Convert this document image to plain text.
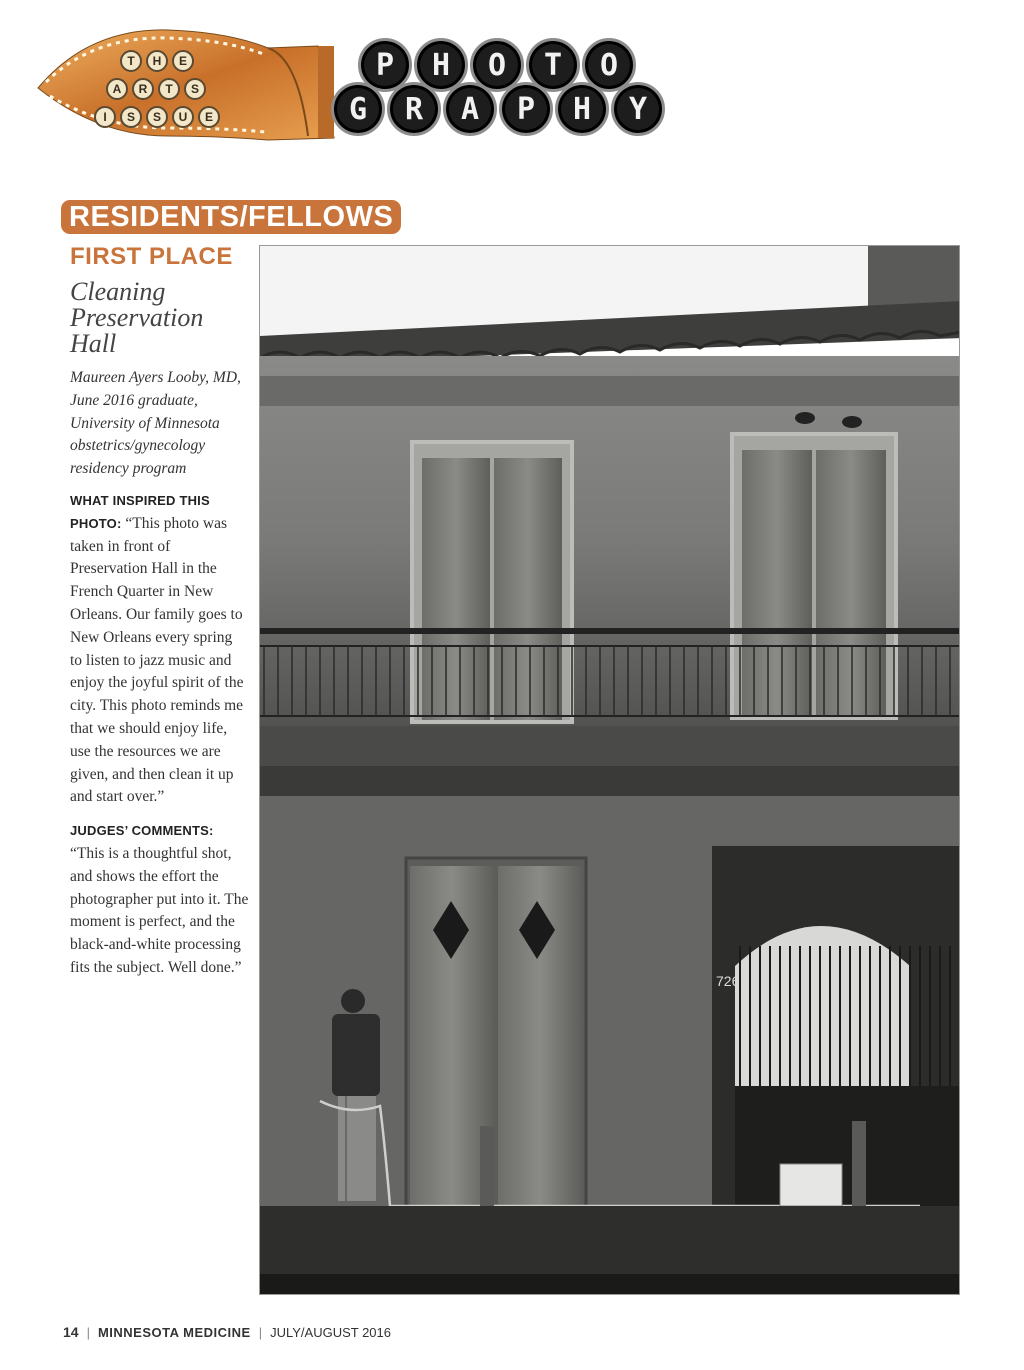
T	H	E
A	R	T	S
I	S	S	U	E
P	H	O	T	O
G	R	A	P	H	Y
RESIDENTS/FELLOWS

FIRST PLACE

Cleaning
Preservation
Hall

Maureen Ayers Looby, MD, June 2016 graduate, University of Minnesota obstetrics/gynecology residency program

WHAT INSPIRED THIS PHOTO: “This photo was taken in front of Preservation Hall in the French Quarter in New Orleans. Our family goes to New Orleans every spring to listen to jazz music and enjoy the joyful spirit of the city. This photo reminds me that we should enjoy life, use the resources we are given, and then clean it up and start over.”

JUDGES’ COMMENTS:
“This is a thoughtful shot, and shows the effort the photographer put into it. The moment is perfect, and the black-and-white processing fits the subject. Well done.”

726
14 | MINNESOTA MEDICINE | JULY/AUGUST 2016
